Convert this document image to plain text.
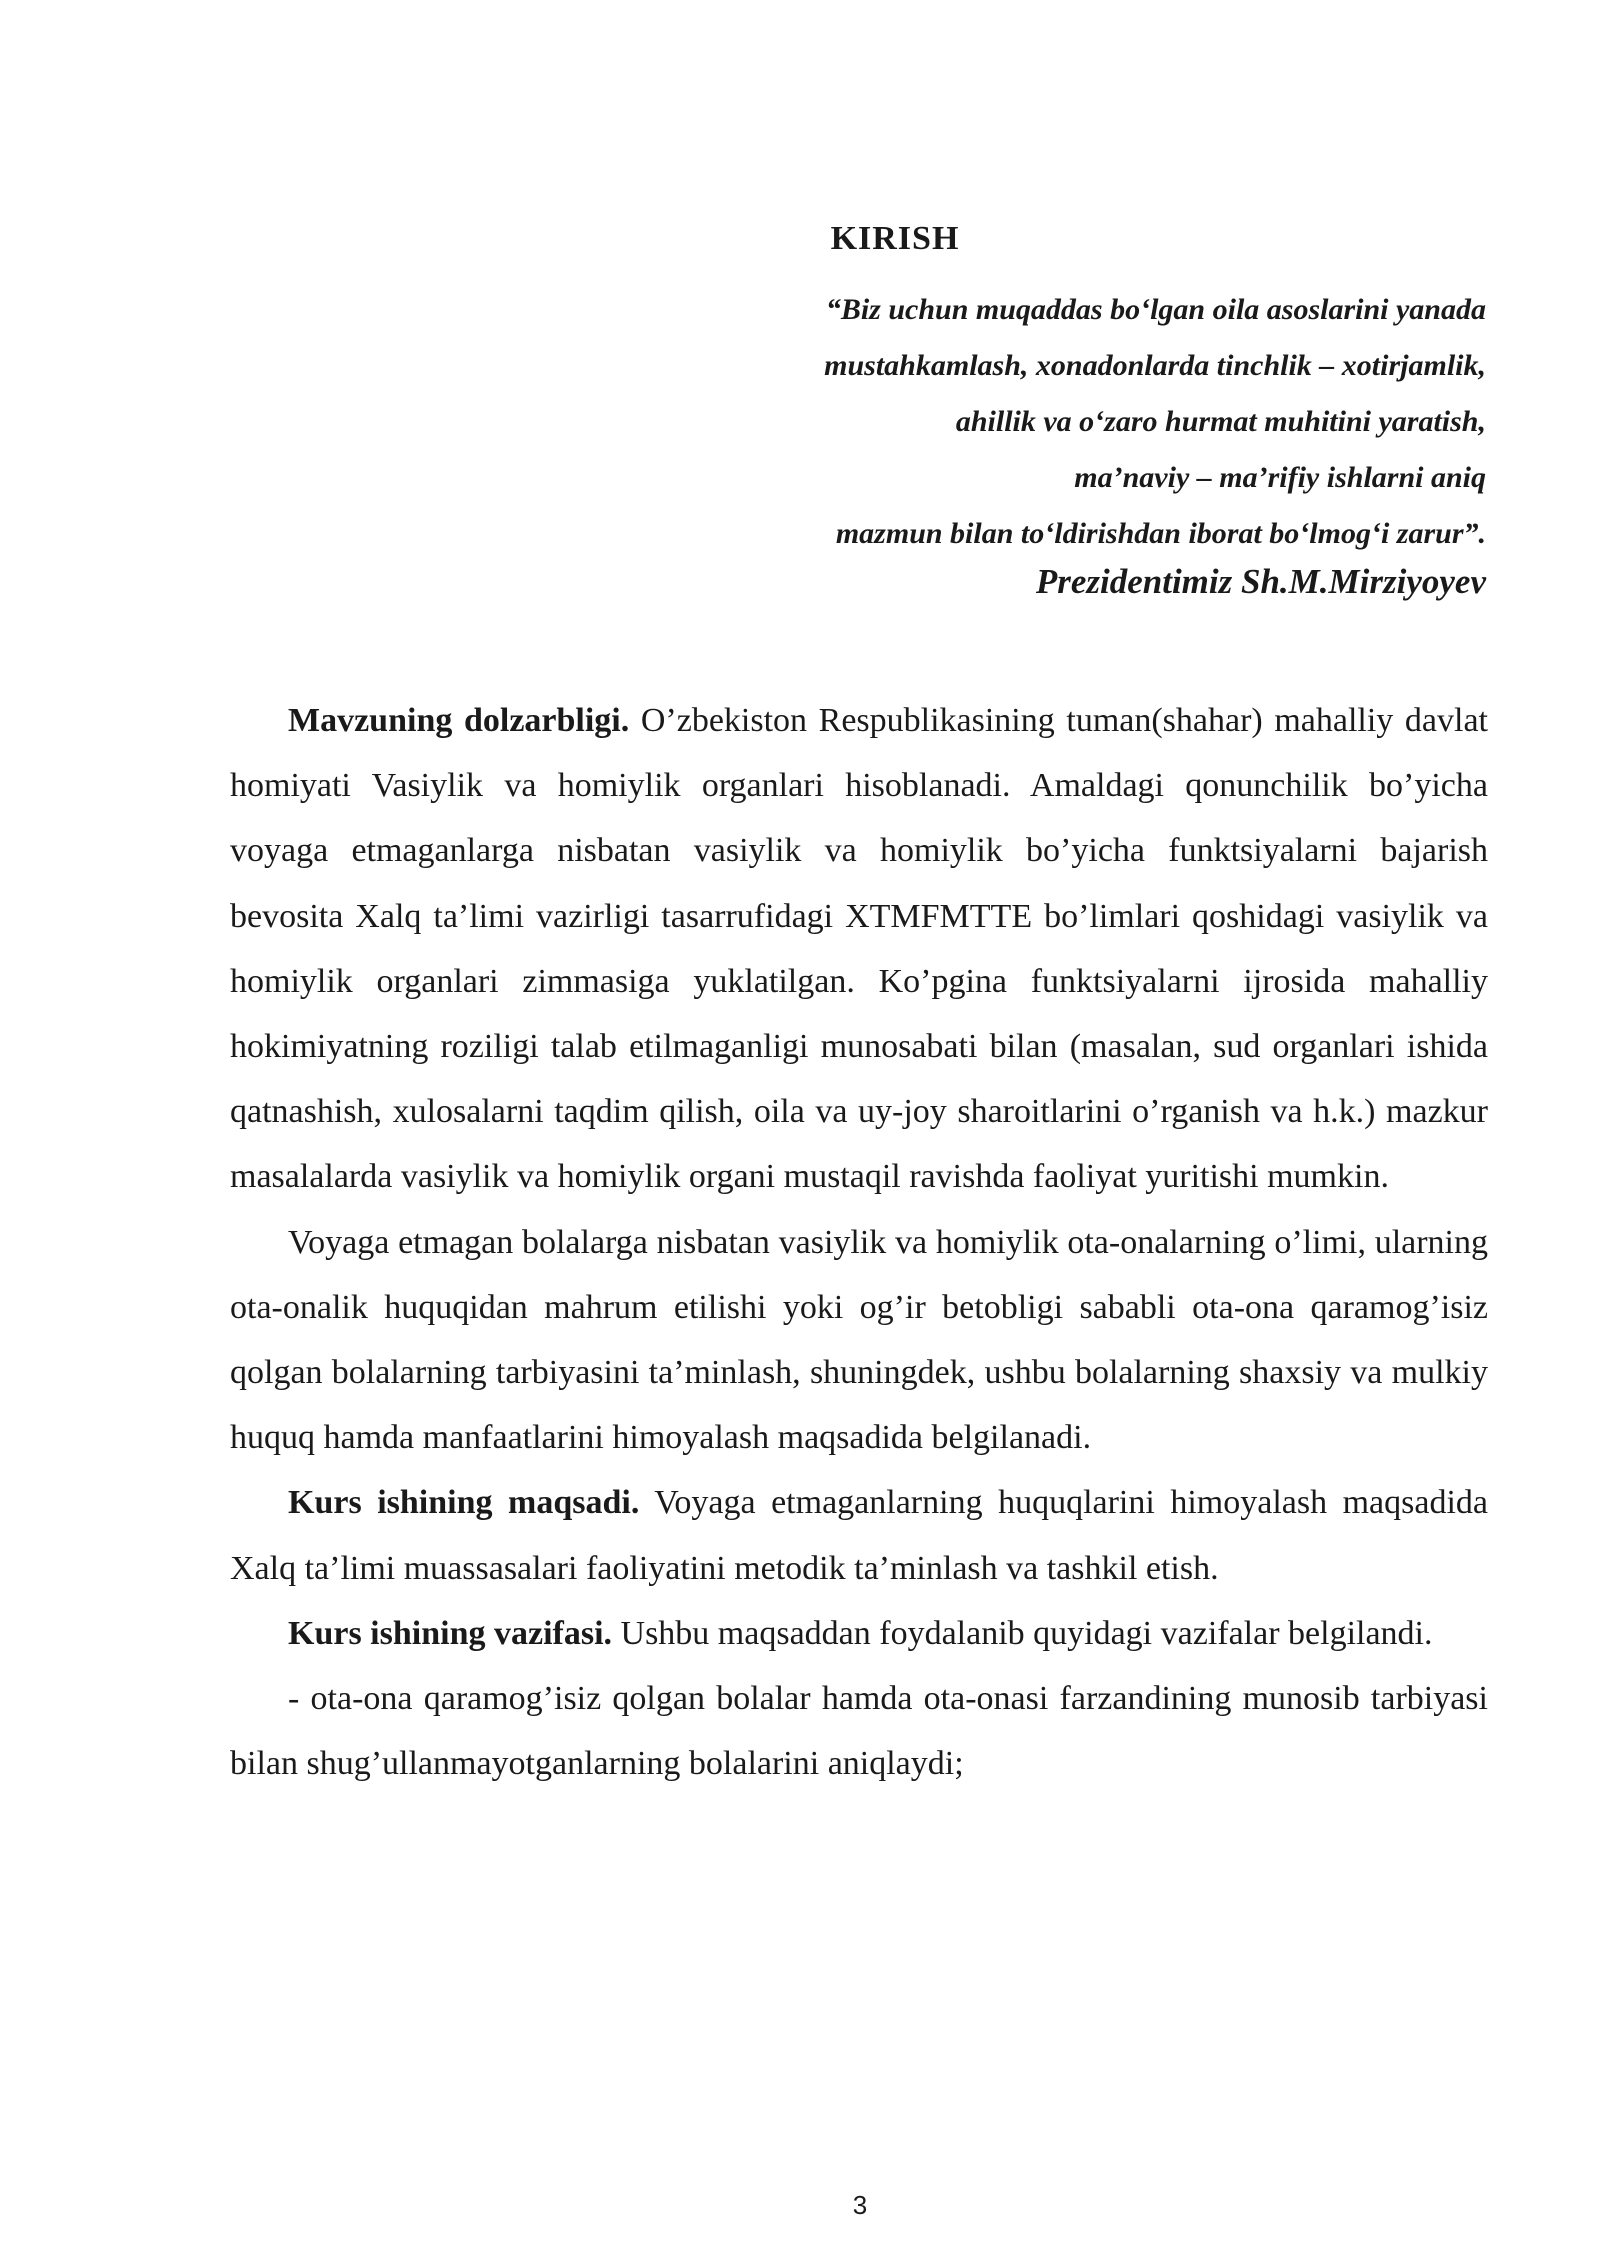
KIRISH
“Biz uchun muqaddas bo‘lgan oila asoslarini yanada
mustahkamlash, xonadonlarda tinchlik – xotirjamlik,
ahillik va o‘zaro hurmat muhitini yaratish,
ma’naviy – ma’rifiy ishlarni aniq
mazmun bilan to‘ldirishdan iborat bo‘lmog‘i zarur”.
Prezidentimiz Sh.M.Mirziyoyev

Mavzuning dolzarbligi. O’zbekiston Respublikasining tuman(shahar) mahalliy davlat homiyati Vasiylik va homiylik organlari hisoblanadi. Amaldagi qonunchilik bo’yicha voyaga etmaganlarga nisbatan vasiylik va homiylik bo’yicha funktsiyalarni bajarish bevosita Xalq ta’limi vazirligi tasarrufidagi XTMFMTTE bo’limlari qoshidagi vasiylik va homiylik organlari zimmasiga yuklatilgan. Ko’pgina funktsiyalarni ijrosida mahalliy hokimiyatning roziligi talab etilmaganligi munosabati bilan (masalan, sud organlari ishida qatnashish, xulosalarni taqdim qilish, oila va uy-joy sharoitlarini o’rganish va h.k.) mazkur masalalarda vasiylik va homiylik organi mustaqil ravishda faoliyat yuritishi mumkin.

Voyaga etmagan bolalarga nisbatan vasiylik va homiylik ota-onalarning o’limi, ularning ota-onalik huquqidan mahrum etilishi yoki og’ir betobligi sababli ota-ona qaramog’isiz qolgan bolalarning tarbiyasini ta’minlash, shuningdek, ushbu bolalarning shaxsiy va mulkiy huquq hamda manfaatlarini himoyalash maqsadida belgilanadi.

Kurs ishining maqsadi. Voyaga etmaganlarning huquqlarini himoyalash maqsadida Xalq ta’limi muassasalari faoliyatini metodik ta’minlash va tashkil etish.

Kurs ishining vazifasi. Ushbu maqsaddan foydalanib quyidagi vazifalar belgilandi.

- ota-ona qaramog’isiz qolgan bolalar hamda ota-onasi farzandining munosib tarbiyasi bilan shug’ullanmayotganlarning bolalarini aniqlaydi;

3
